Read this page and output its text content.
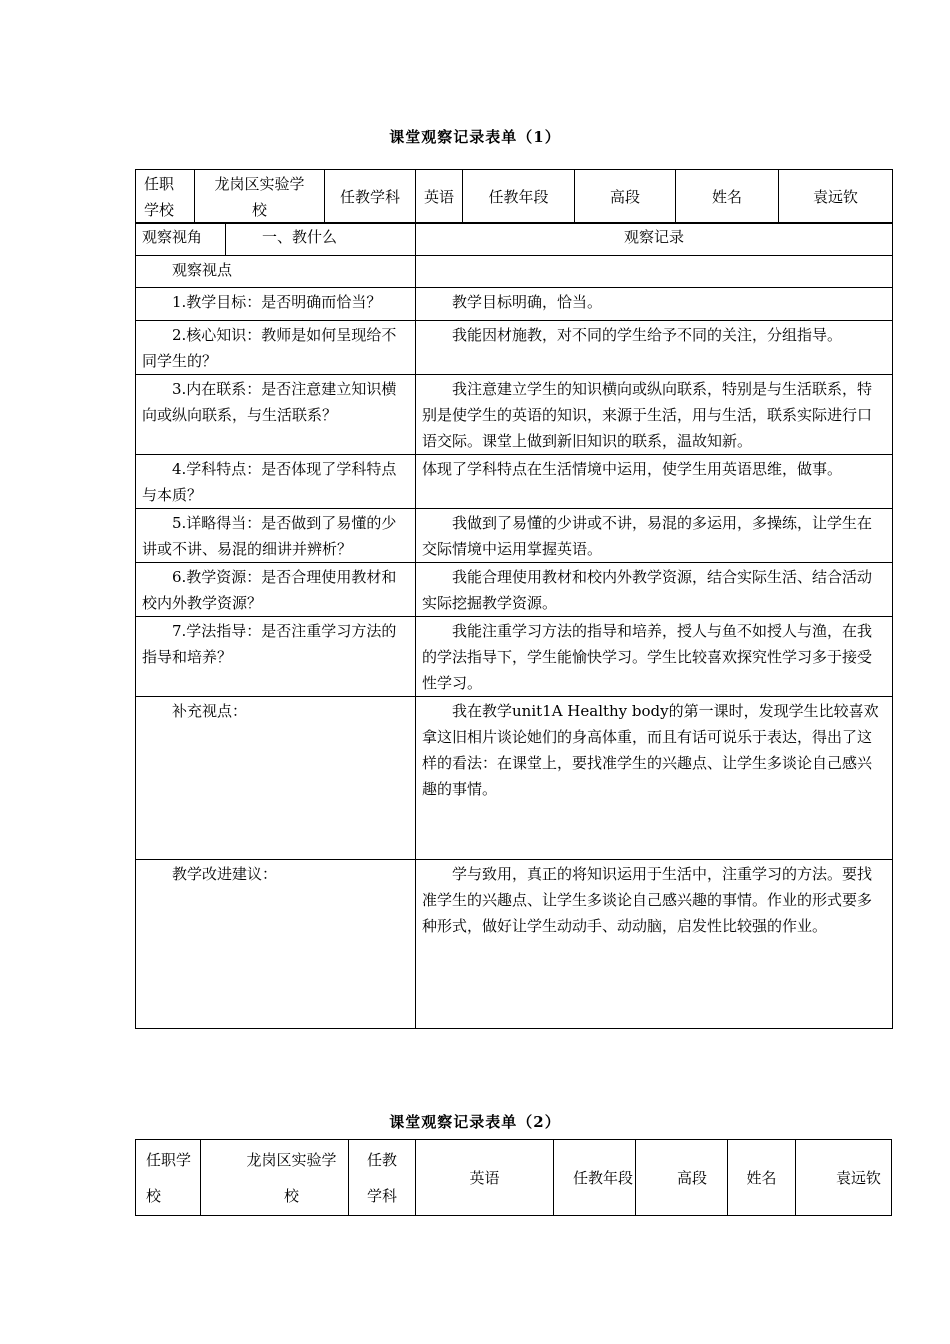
课堂观察记录表单（1）
任职学校	龙岗区实验学校	任教学科	英语	任教年段	高段	姓名	袁远钦
观察视角	一、教什么	观察记录
观察视点		
1.教学目标：是否明确而恰当？		教学目标明确，恰当。
2.核心知识：教师是如何呈现给不同学生的？		我能因材施教，对不同的学生给予不同的关注，分组指导。
3.内在联系：是否注意建立知识横向或纵向联系，与生活联系？		我注意建立学生的知识横向或纵向联系，特别是与生活联系，特别是使学生的英语的知识，来源于生活，用与生活，联系实际进行口语交际。课堂上做到新旧知识的联系，温故知新。
4.学科特点：是否体现了学科特点与本质？		体现了学科特点在生活情境中运用，使学生用英语思维，做事。
5.详略得当：是否做到了易懂的少讲或不讲、易混的细讲并辨析？		我做到了易懂的少讲或不讲，易混的多运用，多操练，让学生在交际情境中运用掌握英语。
6.教学资源：是否合理使用教材和校内外教学资源？		我能合理使用教材和校内外教学资源，结合实际生活、结合活动实际挖掘教学资源。
7.学法指导：是否注重学习方法的指导和培养？		我能注重学习方法的指导和培养，授人与鱼不如授人与渔，在我的学法指导下，学生能愉快学习。学生比较喜欢探究性学习多于接受性学习。
补充视点：		我在教学unit1A Healthy body的第一课时，发现学生比较喜欢拿这旧相片谈论她们的身高体重，而且有话可说乐于表达，得出了这样的看法：在课堂上，要找准学生的兴趣点、让学生多谈论自己感兴趣的事情。
教学改进建议：		学与致用，真正的将知识运用于生活中，注重学习的方法。要找准学生的兴趣点、让学生多谈论自己感兴趣的事情。作业的形式要多种形式，做好让学生动动手、动动脑，启发性比较强的作业。
课堂观察记录表单（2）
任职学 校	龙岗区实验学校	任教学科	英语	任教年段	高段	姓名	袁远钦
